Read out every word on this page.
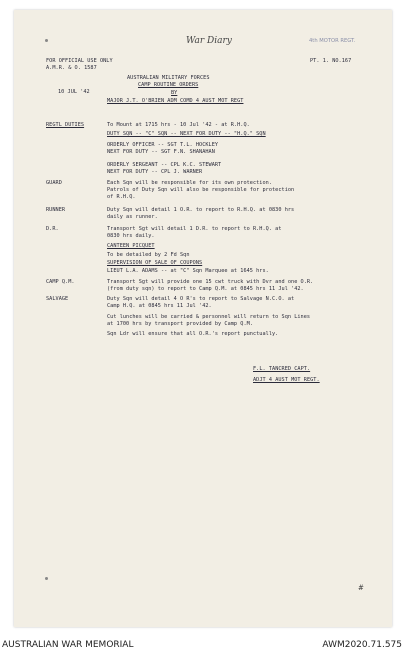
War Diary	4th MOTOR REGT.
FOR OFFICIAL USE ONLY
A.M.R. & O. 1587
PT. 1. NO.167
AUSTRALIAN MILITARY FORCES
CAMP ROUTINE ORDERS
10 JUL '42	BY
MAJOR J.T. O'BRIEN ADM COMD 4 AUST MOT REGT
REGTL DUTIES	To Mount at 1715 hrs - 10 Jul '42 - at R.H.Q.
DUTY SQN -- "C" SQN -- NEXT FOR DUTY -- "H.Q." SQN
ORDERLY OFFICER -- SGT T.L. HOCKLEY
NEXT FOR DUTY -- SGT F.N. SHANAHAN
ORDERLY SERGEANT -- CPL K.C. STEWART
NEXT FOR DUTY -- CPL J. WARNER
GUARD	Each Sqn will be responsible for its own protection.
Patrols of Duty Sqn will also be responsible for protection
of R.H.Q.
RUNNER	Duty Sqn will detail 1 O.R. to report to R.H.Q. at 0830 hrs
daily as runner.
D.R.	Transport Sgt will detail 1 D.R. to report to R.H.Q. at
0830 hrs daily.
CANTEEN PICQUET
To be detailed by 2 Fd Sqn
SUPERVISION OF SALE OF COUPONS
LIEUT L.A. ADAMS -- at "C" Sqn Marquee at 1645 hrs.
CAMP Q.M.	Transport Sgt will provide one 15 cwt truck with Dvr and one O.R.
(from duty sqn) to report to Camp Q.M. at 0845 hrs 11 Jul '42.
SALVAGE	Duty Sqn will detail 4 O R's to report to Salvage N.C.O. at
Camp H.Q. at 0845 hrs 11 Jul '42.
Cut lunches will be carried & personnel will return to Sqn Lines
at 1700 hrs by transport provided by Camp Q.M.
Sqn Ldr will ensure that all O.R.'s report punctually.
F.L. TANCRED CAPT.
ADJT 4 AUST MOT REGT.
#
AUSTRALIAN WAR MEMORIAL	AWM2020.71.575
